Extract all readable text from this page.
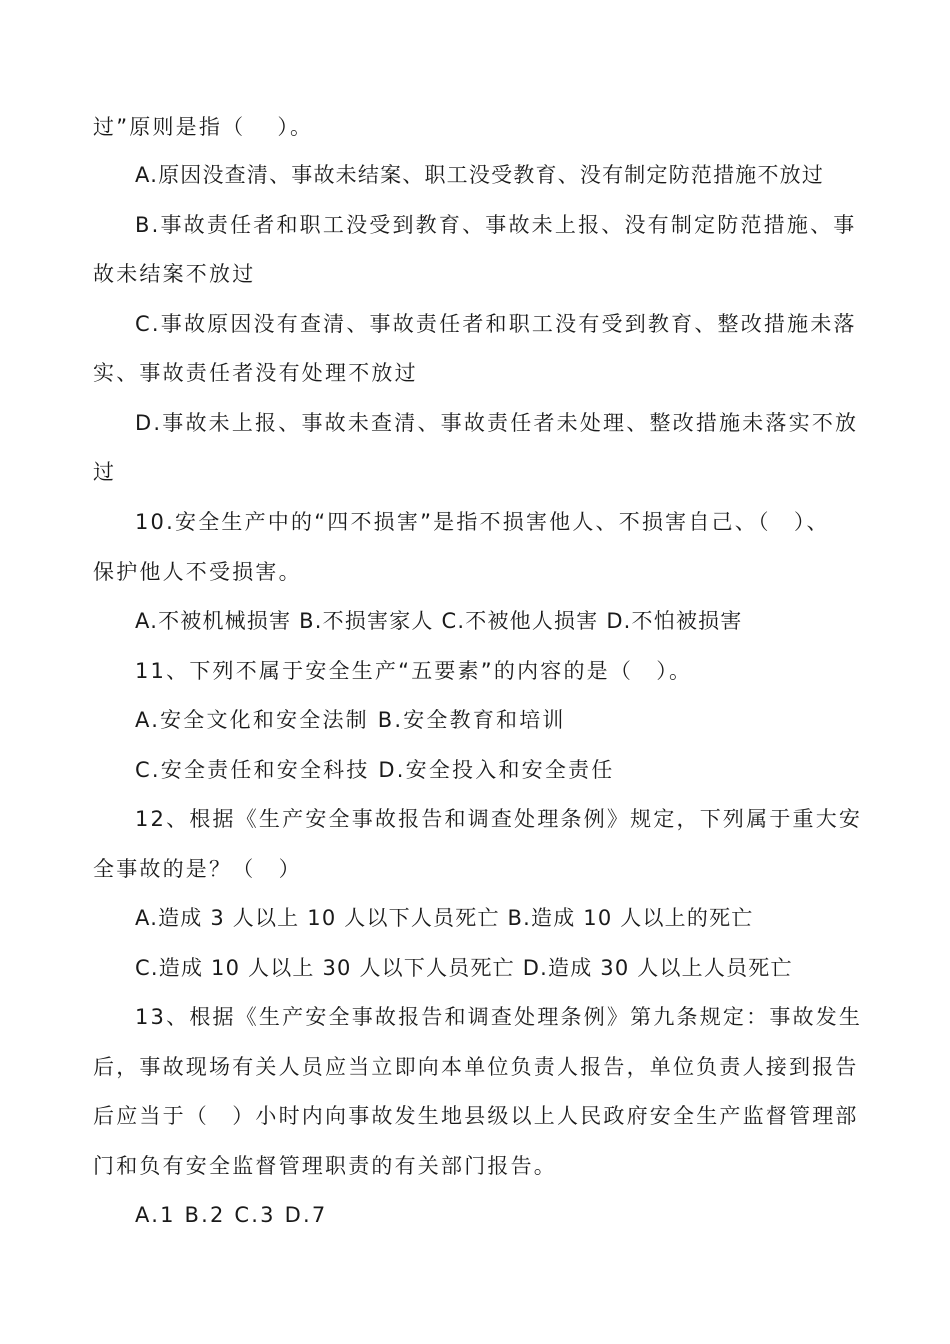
过”原则是指（　 ）。
A.原因没查清、事故未结案、职工没受教育、没有制定防范措施不放过
B.事故责任者和职工没受到教育、事故未上报、没有制定防范措施、事
故未结案不放过
C.事故原因没有查清、事故责任者和职工没有受到教育、整改措施未落
实、事故责任者没有处理不放过
D.事故未上报、事故未查清、事故责任者未处理、整改措施未落实不放
过
10.安全生产中的“四不损害”是指不损害他人、不损害自己、（　）、
保护他人不受损害。
A.不被机械损害 B.不损害家人 C.不被他人损害 D.不怕被损害
11、下列不属于安全生产“五要素”的内容的是（　）。
A.安全文化和安全法制 B.安全教育和培训
C.安全责任和安全科技 D.安全投入和安全责任
12、根据《生产安全事故报告和调查处理条例》规定，下列属于重大安
全事故的是？（　）
A.造成 3 人以上 10 人以下人员死亡 B.造成 10 人以上的死亡
C.造成 10 人以上 30 人以下人员死亡 D.造成 30 人以上人员死亡
13、根据《生产安全事故报告和调查处理条例》第九条规定：事故发生
后，事故现场有关人员应当立即向本单位负责人报告，单位负责人接到报告
后应当于（　）小时内向事故发生地县级以上人民政府安全生产监督管理部
门和负有安全监督管理职责的有关部门报告。
A.1 B.2 C.3 D.7
